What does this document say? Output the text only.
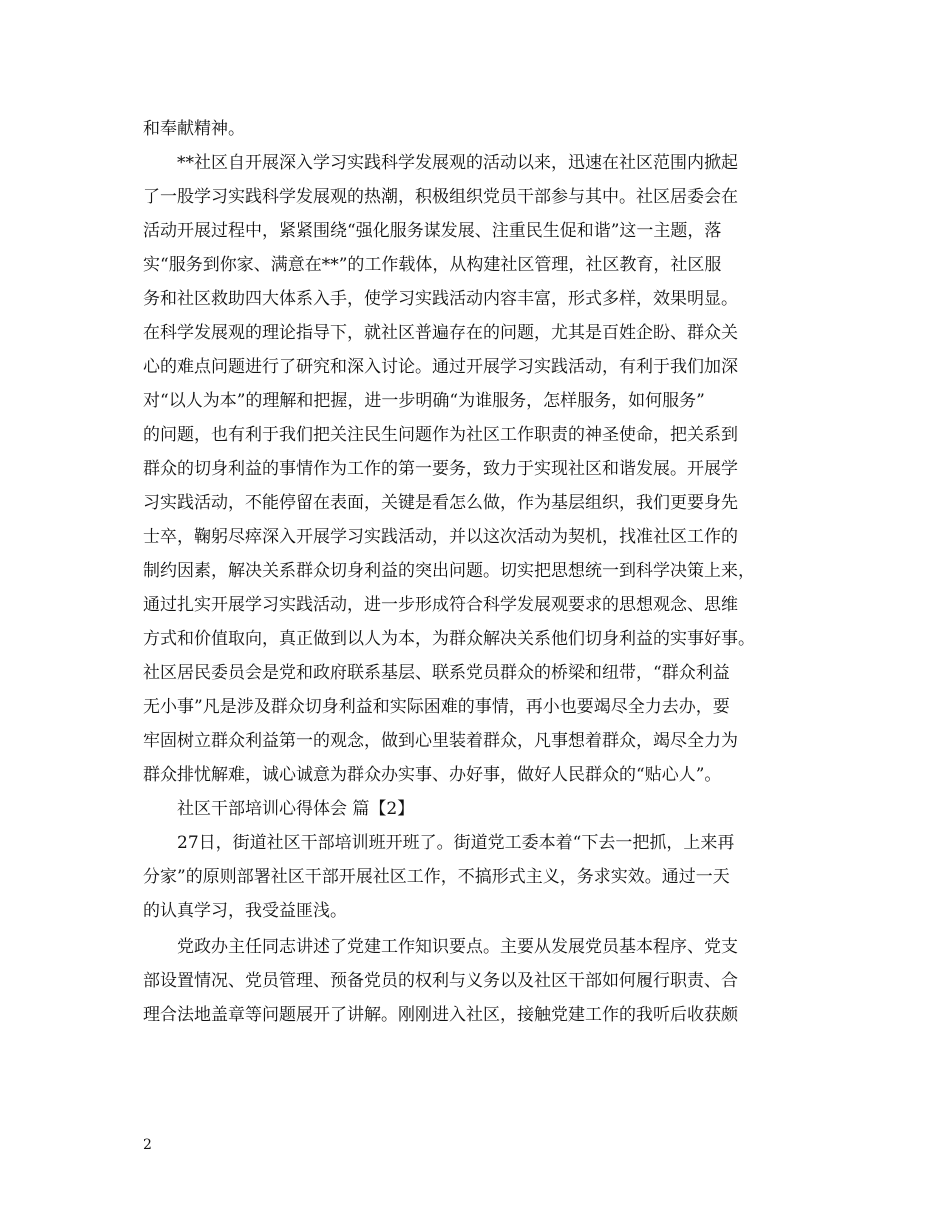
和奉献精神。
**社区自开展深入学习实践科学发展观的活动以来，迅速在社区范围内掀起
了一股学习实践科学发展观的热潮，积极组织党员干部参与其中。社区居委会在
活动开展过程中，紧紧围绕“强化服务谋发展、注重民生促和谐”这一主题，落
实“服务到你家、满意在**”的工作载体，从构建社区管理，社区教育，社区服
务和社区救助四大体系入手，使学习实践活动内容丰富，形式多样，效果明显。
在科学发展观的理论指导下，就社区普遍存在的问题，尤其是百姓企盼、群众关
心的难点问题进行了研究和深入讨论。通过开展学习实践活动，有利于我们加深
对“以人为本”的理解和把握，进一步明确“为谁服务，怎样服务，如何服务”
的问题，也有利于我们把关注民生问题作为社区工作职责的神圣使命，把关系到
群众的切身利益的事情作为工作的第一要务，致力于实现社区和谐发展。开展学
习实践活动，不能停留在表面，关键是看怎么做，作为基层组织，我们更要身先
士卒，鞠躬尽瘁深入开展学习实践活动，并以这次活动为契机，找准社区工作的
制约因素，解决关系群众切身利益的突出问题。切实把思想统一到科学决策上来，
通过扎实开展学习实践活动，进一步形成符合科学发展观要求的思想观念、思维
方式和价值取向，真正做到以人为本，为群众解决关系他们切身利益的实事好事。
社区居民委员会是党和政府联系基层、联系党员群众的桥梁和纽带，“群众利益
无小事”凡是涉及群众切身利益和实际困难的事情，再小也要竭尽全力去办，要
牢固树立群众利益第一的观念，做到心里装着群众，凡事想着群众，竭尽全力为
群众排忧解难，诚心诚意为群众办实事、办好事，做好人民群众的“贴心人”。
社区干部培训心得体会 篇【2】
27日，街道社区干部培训班开班了。街道党工委本着“下去一把抓，上来再
分家”的原则部署社区干部开展社区工作，不搞形式主义，务求实效。通过一天
的认真学习，我受益匪浅。
党政办主任同志讲述了党建工作知识要点。主要从发展党员基本程序、党支
部设置情况、党员管理、预备党员的权利与义务以及社区干部如何履行职责、合
理合法地盖章等问题展开了讲解。刚刚进入社区，接触党建工作的我听后收获颇
2
